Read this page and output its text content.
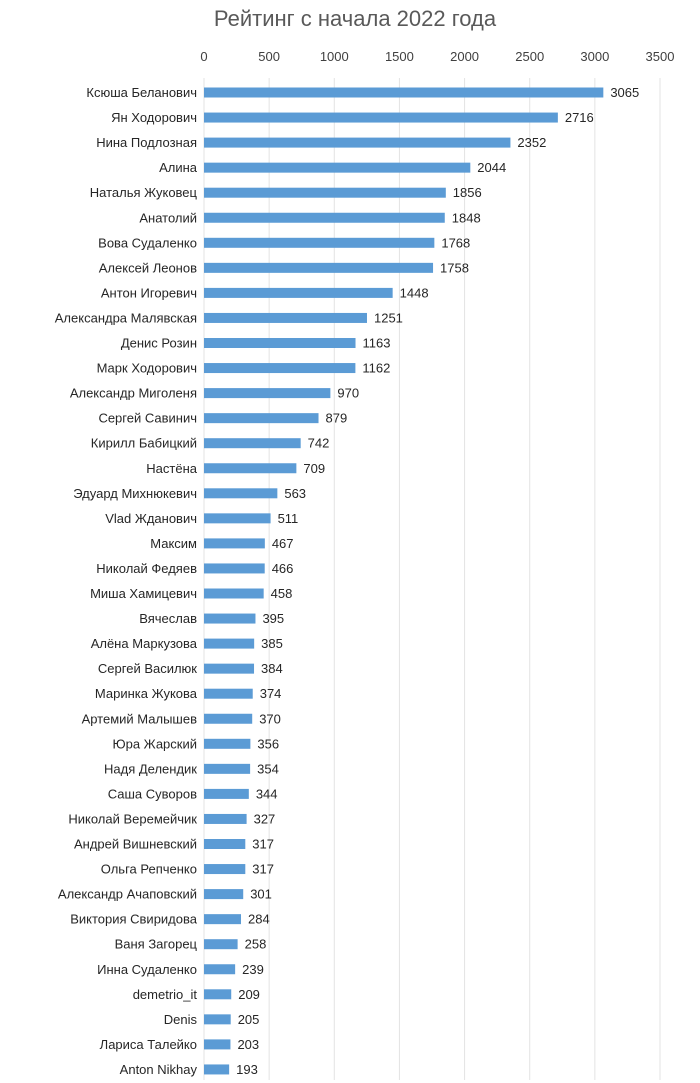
Рейтинг с начала 2022 года
0	500	1000	1500	2000	2500	3000	3500
Ксюша Беланович
Ян Ходорович
Нина Подлозная
Алина
Наталья Жуковец
Анатолий
Вова Судаленко
Алексей Леонов
Антон Игоревич
Александра Малявская
Денис Розин
Марк Ходорович
Александр Миголеня
Сергей Савинич
Кирилл Бабицкий
Настёна
Эдуард Михнюкевич
Vlad Жданович
Максим
Николай Федяев
Миша Хамицевич
Вячеслав
Алёна Маркузова
Сергей Василюк
Маринка Жукова
Артемий Малышев
Юра Жарский
Надя Делендик
Саша Суворов
Николай Веремейчик
Андрей Вишневский
Ольга Репченко
Александр Ачаповский
Виктория Свиридова
Ваня Загорец
Инна Судаленко
demetrio_it
Denis
Лариса Талейко
Anton Nikhay
3065
2716
2352
2044
1856
1848
1768
1758
1448
1251
1163
1162
970
879
742
709
563
511
467
466
458
395
385
384
374
370
356
354
344
327
317
317
301
284
258
239
209
205
203
193
